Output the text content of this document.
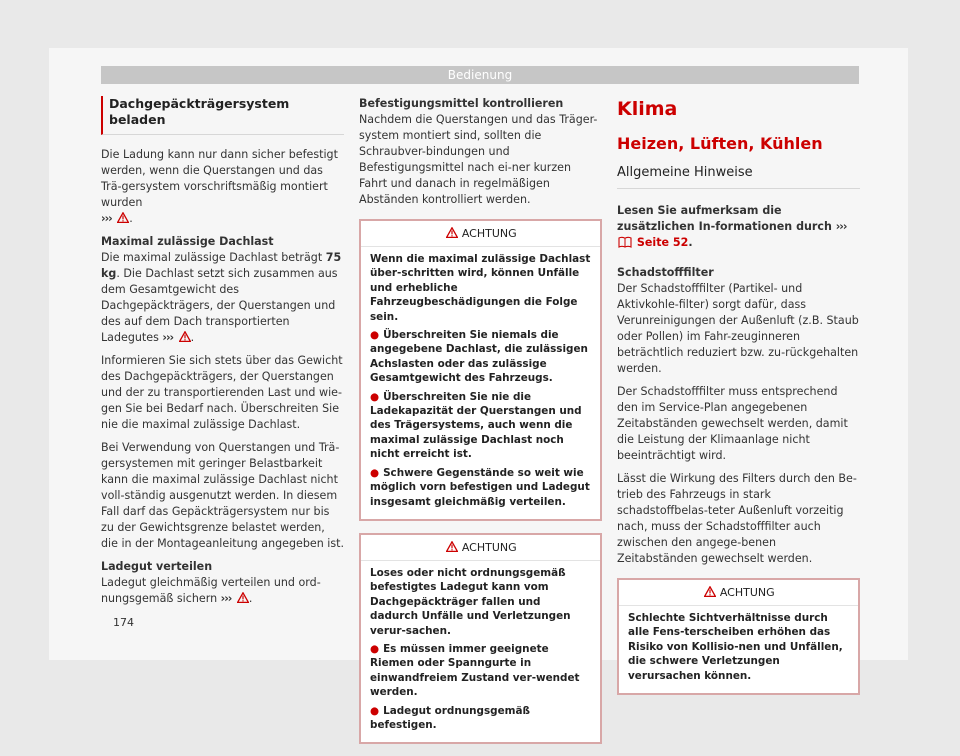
Bedienung
Dachgepäckträgersystem beladen

Die Ladung kann nur dann sicher befestigt werden, wenn die Querstangen und das Trä-gersystem vorschriftsmäßig montiert wurden
››› .

Maximal zulässige Dachlast

Die maximal zulässige Dachlast beträgt 75 kg. Die Dachlast setzt sich zusammen aus dem Gesamtgewicht des Dachgepäckträgers, der Querstangen und des auf dem Dach transportierten Ladegutes ››› .

Informieren Sie sich stets über das Gewicht des Dachgepäckträgers, der Querstangen und der zu transportierenden Last und wie-gen Sie bei Bedarf nach. Überschreiten Sie nie die maximal zulässige Dachlast.

Bei Verwendung von Querstangen und Trä-gersystemen mit geringer Belastbarkeit kann die maximal zulässige Dachlast nicht voll-ständig ausgenutzt werden. In diesem Fall darf das Gepäckträgersystem nur bis zu der Gewichtsgrenze belastet werden, die in der Montageanleitung angegeben ist.

Ladegut verteilen

Ladegut gleichmäßig verteilen und ord-nungsgemäß sichern ››› .

Befestigungsmittel kontrollieren

Nachdem die Querstangen und das Träger-system montiert sind, sollten die Schraubver-bindungen und Befestigungsmittel nach ei-ner kurzen Fahrt und danach in regelmäßigen Abständen kontrolliert werden.

ACHTUNG

Wenn die maximal zulässige Dachlast über-schritten wird, können Unfälle und erhebliche Fahrzeugbeschädigungen die Folge sein.

● Überschreiten Sie niemals die angegebene Dachlast, die zulässigen Achslasten oder das zulässige Gesamtgewicht des Fahrzeugs.

● Überschreiten Sie nie die Ladekapazität der Querstangen und des Trägersystems, auch wenn die maximal zulässige Dachlast noch nicht erreicht ist.

● Schwere Gegenstände so weit wie möglich vorn befestigen und Ladegut insgesamt gleichmäßig verteilen.

ACHTUNG

Loses oder nicht ordnungsgemäß befestigtes Ladegut kann vom Dachgepäckträger fallen und dadurch Unfälle und Verletzungen verur-sachen.

● Es müssen immer geeignete Riemen oder Spanngurte in einwandfreiem Zustand ver-wendet werden.

● Ladegut ordnungsgemäß befestigen.

Klima
Heizen, Lüften, Kühlen
Allgemeine Hinweise

Lesen Sie aufmerksam die zusätzlichen In-formationen durch ›››  Seite 52.

Schadstofffilter

Der Schadstofffilter (Partikel- und Aktivkohle-filter) sorgt dafür, dass Verunreinigungen der Außenluft (z.B. Staub oder Pollen) im Fahr-zeuginneren beträchtlich reduziert bzw. zu-rückgehalten werden.

Der Schadstofffilter muss entsprechend den im Service-Plan angegebenen Zeitabständen gewechselt werden, damit die Leistung der Klimaanlage nicht beeinträchtigt wird.

Lässt die Wirkung des Filters durch den Be-trieb des Fahrzeugs in stark schadstoffbelas-teter Außenluft vorzeitig nach, muss der Schadstofffilter auch zwischen den angege-benen Zeitabständen gewechselt werden.

ACHTUNG

Schlechte Sichtverhältnisse durch alle Fens-terscheiben erhöhen das Risiko von Kollisio-nen und Unfällen, die schwere Verletzungen verursachen können.

174
